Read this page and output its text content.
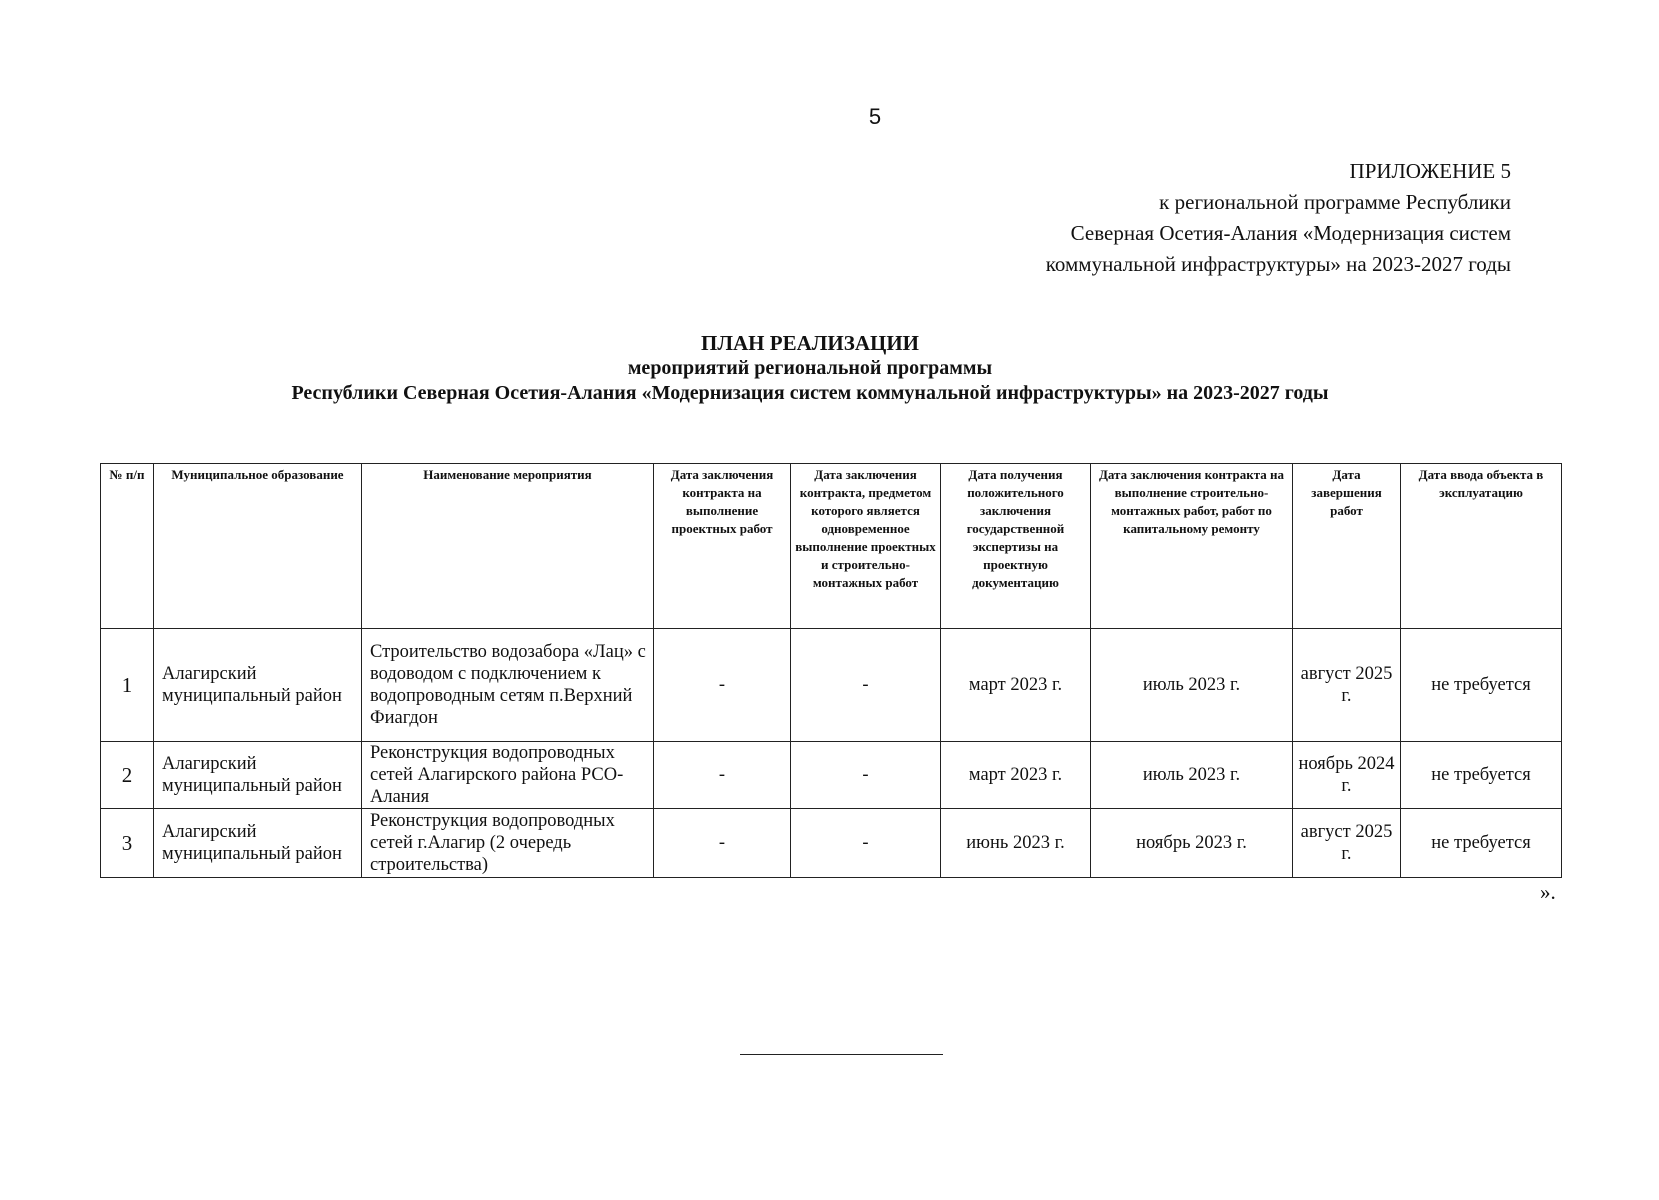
5
ПРИЛОЖЕНИЕ 5
к региональной программе Республики
Северная Осетия-Алания «Модернизация систем
коммунальной инфраструктуры» на 2023-2027 годы
ПЛАН РЕАЛИЗАЦИИ
мероприятий региональной программы
Республики Северная Осетия-Алания «Модернизация систем коммунальной инфраструктуры» на 2023-2027 годы
№ п/п	Муниципальное образование	Наименование мероприятия	Дата заключения контракта на выполнение проектных работ	Дата заключения контракта, предметом которого является одновременное выполнение проектных и строительно-монтажных работ	Дата получения положительного заключения государственной экспертизы на проектную документацию	Дата заключения контракта на выполнение строительно-монтажных работ, работ по капитальному ремонту	Дата завершения работ	Дата ввода объекта в эксплуатацию
1	Алагирский муниципальный район	Строительство водозабора «Лац» с водоводом с подключением к водопроводным сетям п.Верхний Фиагдон	-	-	март 2023 г.	июль 2023 г.	август 2025 г.	не требуется
2	Алагирский муниципальный район	Реконструкция водопроводных сетей Алагирского района РСО-Алания	-	-	март 2023 г.	июль 2023 г.	ноябрь 2024 г.	не требуется
3	Алагирский муниципальный район	Реконструкция водопроводных сетей г.Алагир (2 очередь строительства)	-	-	июнь 2023 г.	ноябрь 2023 г.	август 2025 г.	не требуется
».
